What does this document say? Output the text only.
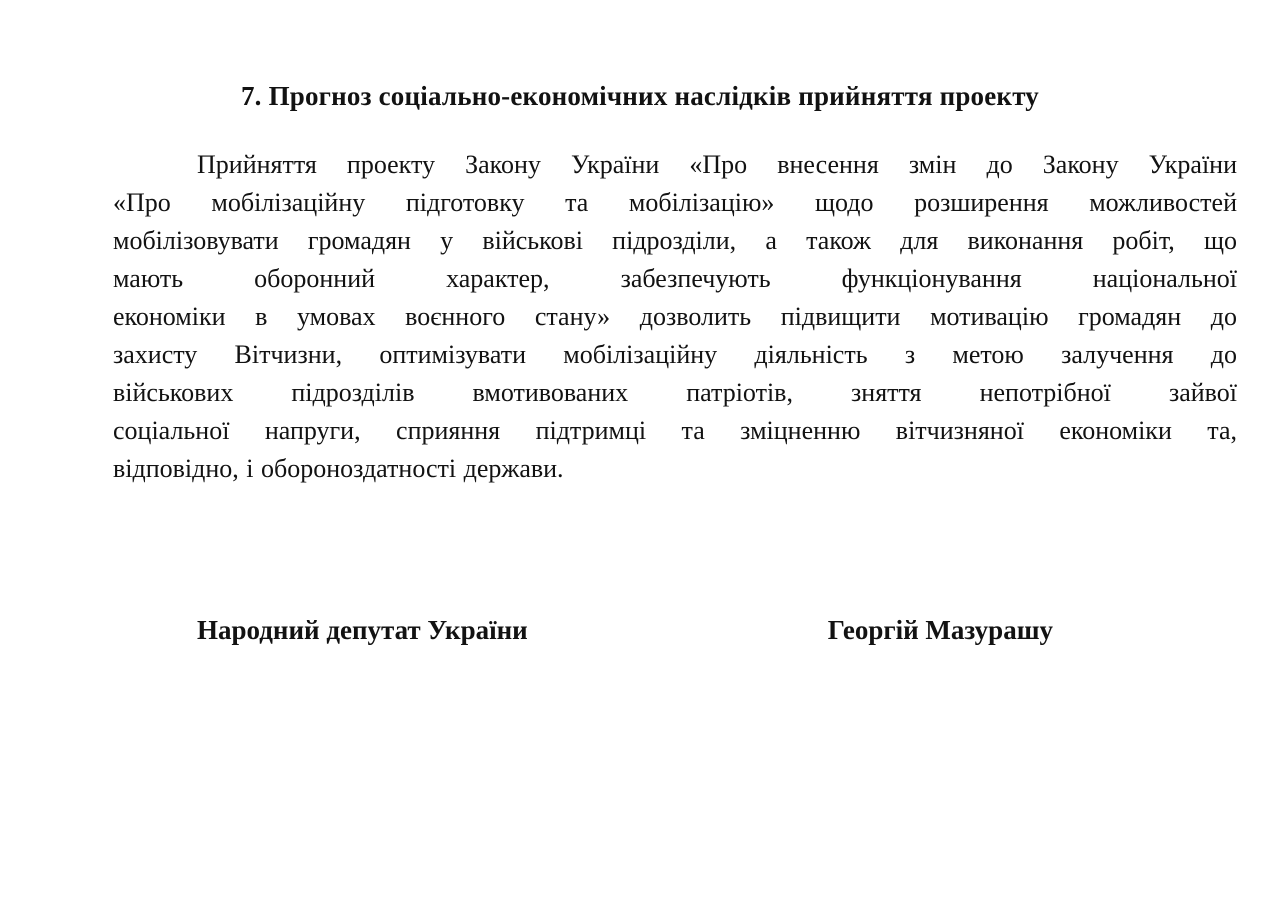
7. Прогноз соціально-економічних наслідків прийняття проекту
Прийняття проекту Закону України «Про внесення змін до Закону України
«Про мобілізаційну підготовку та мобілізацію» щодо розширення можливостей
мобілізовувати громадян у військові підрозділи, а також для виконання робіт, що
мають оборонний характер, забезпечують функціонування національної
економіки в умовах воєнного стану» дозволить підвищити мотивацію громадян до
захисту Вітчизни, оптимізувати мобілізаційну діяльність з метою залучення до
військових підрозділів вмотивованих патріотів, зняття непотрібної зайвої
соціальної напруги, сприяння підтримці та зміцненню вітчизняної економіки та,
відповідно, і обороноздатності держави.
Народний депутат України	Георгій Мазурашу
